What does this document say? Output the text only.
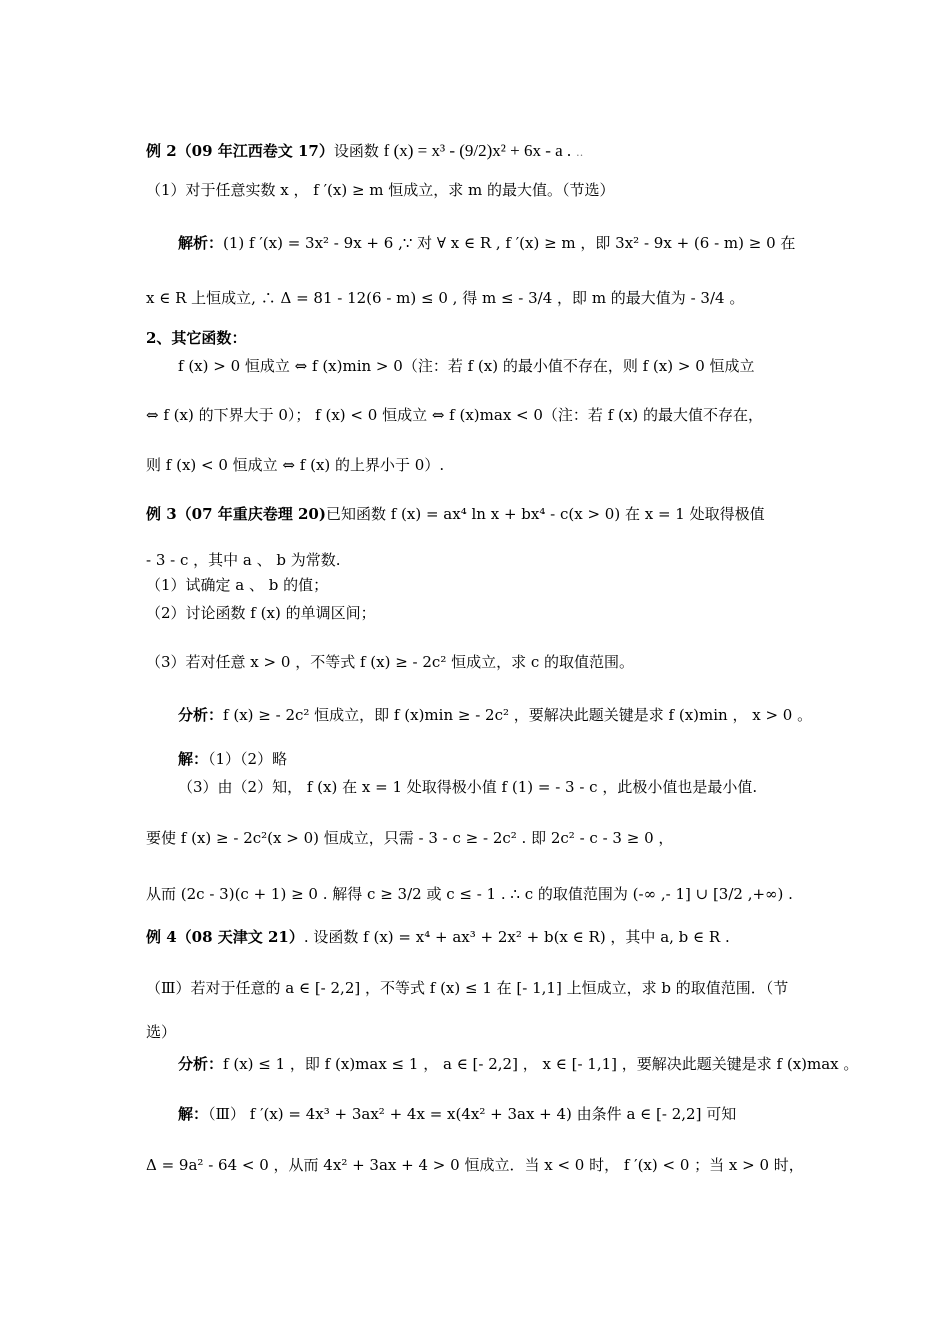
例 2（09 年江西卷文 17）设函数 f (x) = x³ - (9/2)x² + 6x - a . ‥
（1）对于任意实数 x ， f ′(x) ≥ m 恒成立，求 m 的最大值。（节选）
解析：(1) f ′(x) = 3x² - 9x + 6 ,∵ 对 ∀ x ∈ R , f ′(x) ≥ m ，即 3x² - 9x + (6 - m) ≥ 0 在
x ∈ R 上恒成立, ∴ Δ = 81 - 12(6 - m) ≤ 0 , 得 m ≤ - 3/4 ，即 m 的最大值为 - 3/4 。
2、其它函数：
f (x) > 0 恒成立 ⇔ f (x)min > 0（注：若 f (x) 的最小值不存在，则 f (x) > 0 恒成立
⇔ f (x) 的下界大于 0）； f (x) < 0 恒成立 ⇔ f (x)max < 0（注：若 f (x) 的最大值不存在，
则 f (x) < 0 恒成立 ⇔ f (x) 的上界小于 0）.
例 3（07 年重庆卷理 20)已知函数 f (x) = ax⁴ ln x + bx⁴ - c(x > 0) 在 x = 1 处取得极值
- 3 - c ，其中 a 、 b 为常数.
（1）试确定 a 、 b 的值；
（2）讨论函数 f (x) 的单调区间；
（3）若对任意 x > 0 ，不等式 f (x) ≥ - 2c² 恒成立，求 c 的取值范围。
分析：f (x) ≥ - 2c² 恒成立，即 f (x)min ≥ - 2c² ，要解决此题关键是求 f (x)min ， x > 0 。
解：（1）（2）略
（3）由（2）知， f (x) 在 x = 1 处取得极小值 f (1) = - 3 - c ，此极小值也是最小值.
要使 f (x) ≥ - 2c²(x > 0) 恒成立，只需 - 3 - c ≥ - 2c² . 即 2c² - c - 3 ≥ 0 ，
从而 (2c - 3)(c + 1) ≥ 0 . 解得 c ≥ 3/2 或 c ≤ - 1 . ∴ c 的取值范围为 (-∞ ,- 1] ∪ [3/2 ,+∞) .
例 4（08 天津文 21）. 设函数 f (x) = x⁴ + ax³ + 2x² + b(x ∈ R) ，其中 a, b ∈ R .
（Ⅲ）若对于任意的 a ∈ [- 2,2] ，不等式 f (x) ≤ 1 在 [- 1,1] 上恒成立，求 b 的取值范围．（节
选）
分析：f (x) ≤ 1 ，即 f (x)max ≤ 1 ， a ∈ [- 2,2] ， x ∈ [- 1,1] ，要解决此题关键是求 f (x)max 。
解：（Ⅲ） f ′(x) = 4x³ + 3ax² + 4x = x(4x² + 3ax + 4) 由条件 a ∈ [- 2,2] 可知
Δ = 9a² - 64 < 0 ，从而 4x² + 3ax + 4 > 0 恒成立．当 x < 0 时， f ′(x) < 0 ；当 x > 0 时，
